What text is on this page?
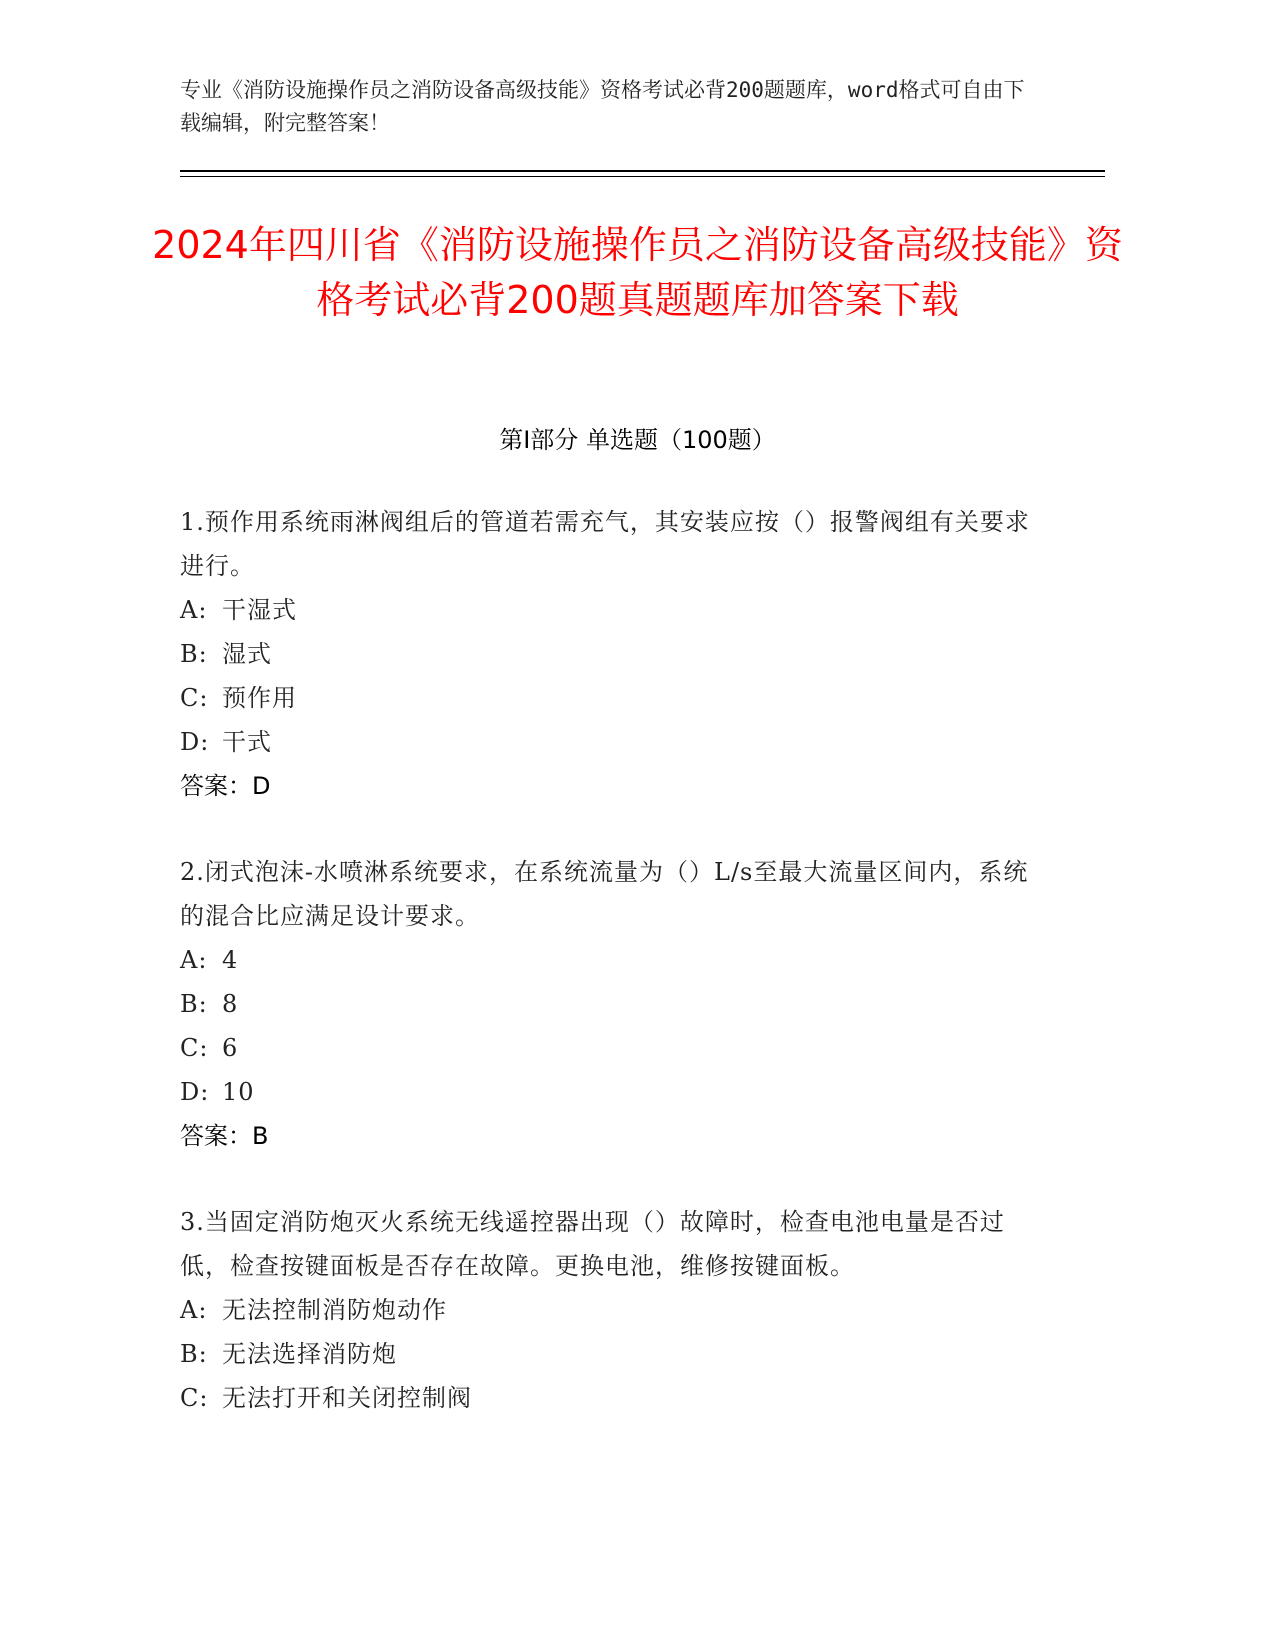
专业《消防设施操作员之消防设备高级技能》资格考试必背200题题库，word格式可自由下载编辑，附完整答案！
2024年四川省《消防设施操作员之消防设备高级技能》资格考试必背200题真题题库加答案下载
第I部分 单选题（100题）
1.预作用系统雨淋阀组后的管道若需充气，其安装应按（）报警阀组有关要求进行。
A: 干湿式
B: 湿式
C: 预作用
D: 干式
答案：D
2.闭式泡沫-水喷淋系统要求，在系统流量为（）L/s至最大流量区间内，系统的混合比应满足设计要求。
A: 4
B: 8
C: 6
D: 10
答案：B
3.当固定消防炮灭火系统无线遥控器出现（）故障时，检查电池电量是否过低，检查按键面板是否存在故障。更换电池，维修按键面板。
A: 无法控制消防炮动作
B: 无法选择消防炮
C: 无法打开和关闭控制阀
